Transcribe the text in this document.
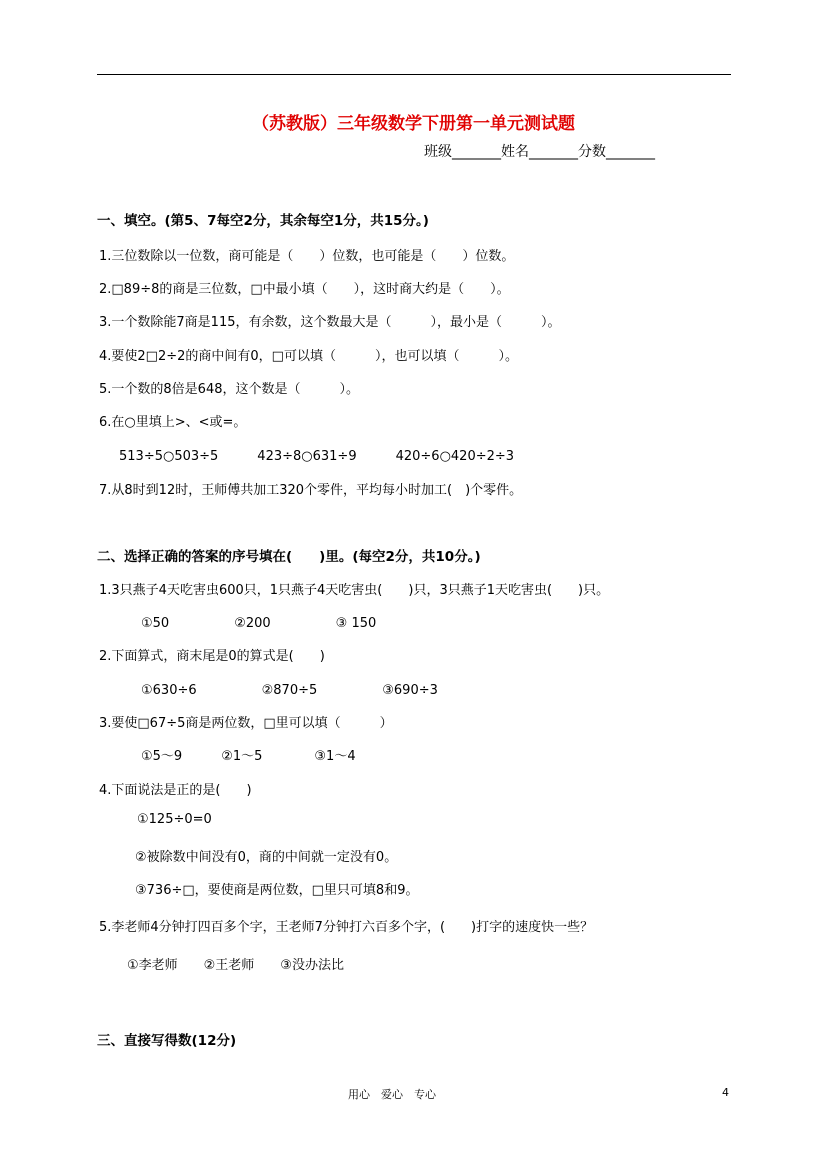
（苏教版）三年级数学下册第一单元测试题
班级_______姓名_______分数_______
一、填空。(第5、7每空2分，其余每空1分，共15分。)
1.三位数除以一位数，商可能是（　　）位数，也可能是（　　）位数。
2.□89÷8的商是三位数，□中最小填（　　），这时商大约是（　　）。
3.一个数除能7商是115，有余数，这个数最大是（　　　），最小是（　　　）。
4.要使2□2÷2的商中间有0，□可以填（　　　），也可以填（　　　）。
5.一个数的8倍是648，这个数是（　　　）。
6.在○里填上>、<或=。
513÷5○503÷5　　　423÷8○631÷9　　　420÷6○420÷2÷3
7.从8时到12时，王师傅共加工320个零件，平均每小时加工(　)个零件。
二、选择正确的答案的序号填在(　　)里。(每空2分，共10分。)
1.3只燕子4天吃害虫600只，1只燕子4天吃害虫(　　)只，3只燕子1天吃害虫(　　)只。
①50　　　　　②200　　　　　③ 150
2.下面算式，商末尾是0的算式是(　　)
①630÷6　　　　　②870÷5　　　　　③690÷3
3.要使□67÷5商是两位数，□里可以填（　　　）
①5～9　　　②1～5　　　　③1～4
4.下面说法是正的是(　　)
①125÷0=0
②被除数中间没有0，商的中间就一定没有0。
③736÷□，要使商是两位数，□里只可填8和9。
5.李老师4分钟打四百多个字，王老师7分钟打六百多个字，(　　)打字的速度快一些？
①李老师　　②王老师　　③没办法比
三、直接写得数(12分)
用心　爱心　专心	4
